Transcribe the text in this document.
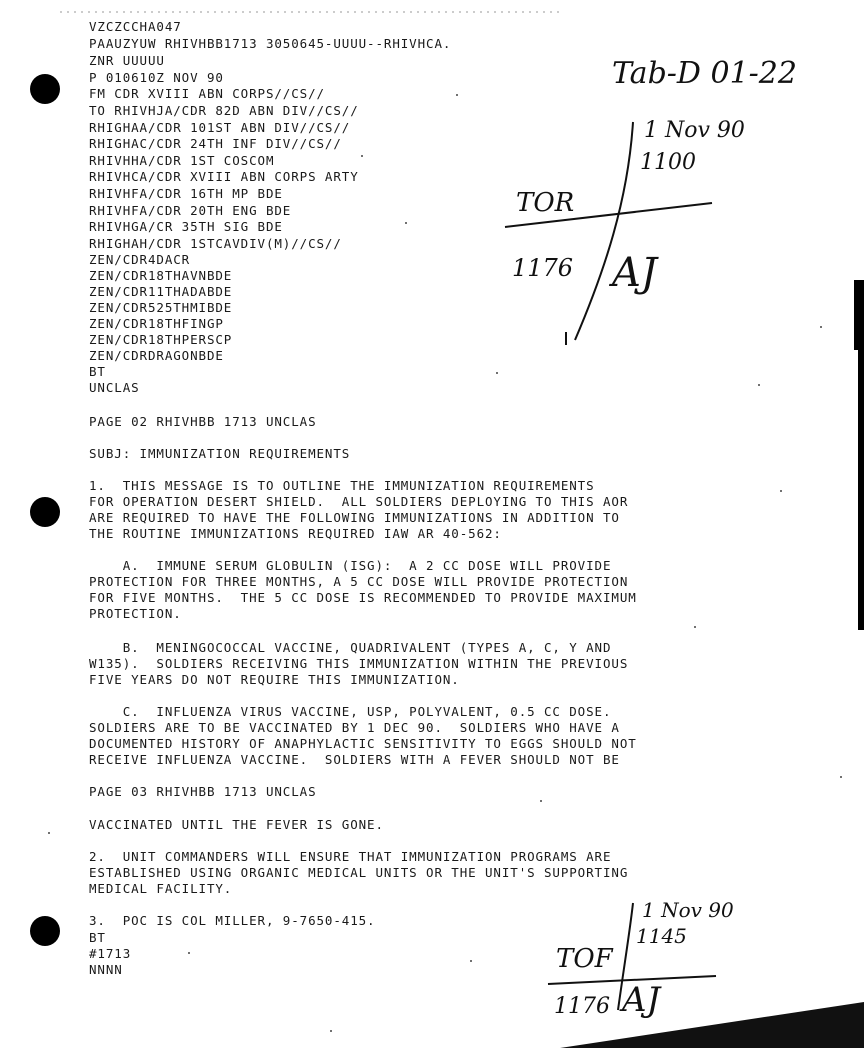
VZCZCCHA047
PAAUZYUW RHIVHBB1713 3050645-UUUU--RHIVHCA.
ZNR UUUUU
P 010610Z NOV 90
FM CDR XVIII ABN CORPS//CS//
TO RHIVHJA/CDR 82D ABN DIV//CS//
RHIGHAA/CDR 101ST ABN DIV//CS//
RHIGHAC/CDR 24TH INF DIV//CS//
RHIVHHA/CDR 1ST COSCOM
RHIVHCA/CDR XVIII ABN CORPS ARTY
RHIVHFA/CDR 16TH MP BDE
RHIVHFA/CDR 20TH ENG BDE
RHIVHGA/CR 35TH SIG BDE
RHIGHAH/CDR 1STCAVDIV(M)//CS//
ZEN/CDR4DACR
ZEN/CDR18THAVNBDE
ZEN/CDR11THADABDE
ZEN/CDR525THMIBDE
ZEN/CDR18THFINGP
ZEN/CDR18THPERSCP
ZEN/CDRDRAGONBDE
BT
UNCLAS
PAGE 02 RHIVHBB 1713 UNCLAS
SUBJ: IMMUNIZATION REQUIREMENTS
1.  THIS MESSAGE IS TO OUTLINE THE IMMUNIZATION REQUIREMENTS
FOR OPERATION DESERT SHIELD.  ALL SOLDIERS DEPLOYING TO THIS AOR
ARE REQUIRED TO HAVE THE FOLLOWING IMMUNIZATIONS IN ADDITION TO
THE ROUTINE IMMUNIZATIONS REQUIRED IAW AR 40-562:
A.  IMMUNE SERUM GLOBULIN (ISG):  A 2 CC DOSE WILL PROVIDE
PROTECTION FOR THREE MONTHS, A 5 CC DOSE WILL PROVIDE PROTECTION
FOR FIVE MONTHS.  THE 5 CC DOSE IS RECOMMENDED TO PROVIDE MAXIMUM
PROTECTION.
B.  MENINGOCOCCAL VACCINE, QUADRIVALENT (TYPES A, C, Y AND
W135).  SOLDIERS RECEIVING THIS IMMUNIZATION WITHIN THE PREVIOUS
FIVE YEARS DO NOT REQUIRE THIS IMMUNIZATION.
C.  INFLUENZA VIRUS VACCINE, USP, POLYVALENT, 0.5 CC DOSE.
SOLDIERS ARE TO BE VACCINATED BY 1 DEC 90.  SOLDIERS WHO HAVE A
DOCUMENTED HISTORY OF ANAPHYLACTIC SENSITIVITY TO EGGS SHOULD NOT
RECEIVE INFLUENZA VACCINE.  SOLDIERS WITH A FEVER SHOULD NOT BE
PAGE 03 RHIVHBB 1713 UNCLAS
VACCINATED UNTIL THE FEVER IS GONE.
2.  UNIT COMMANDERS WILL ENSURE THAT IMMUNIZATION PROGRAMS ARE
ESTABLISHED USING ORGANIC MEDICAL UNITS OR THE UNIT'S SUPPORTING
MEDICAL FACILITY.
3.  POC IS COL MILLER, 9-7650-415.
BT
#1713
NNNN
Tab-D 01-22
1 Nov 90
1100
TOR
1176 AJ
1 Nov 90
1145
TOF
1176 AJ
